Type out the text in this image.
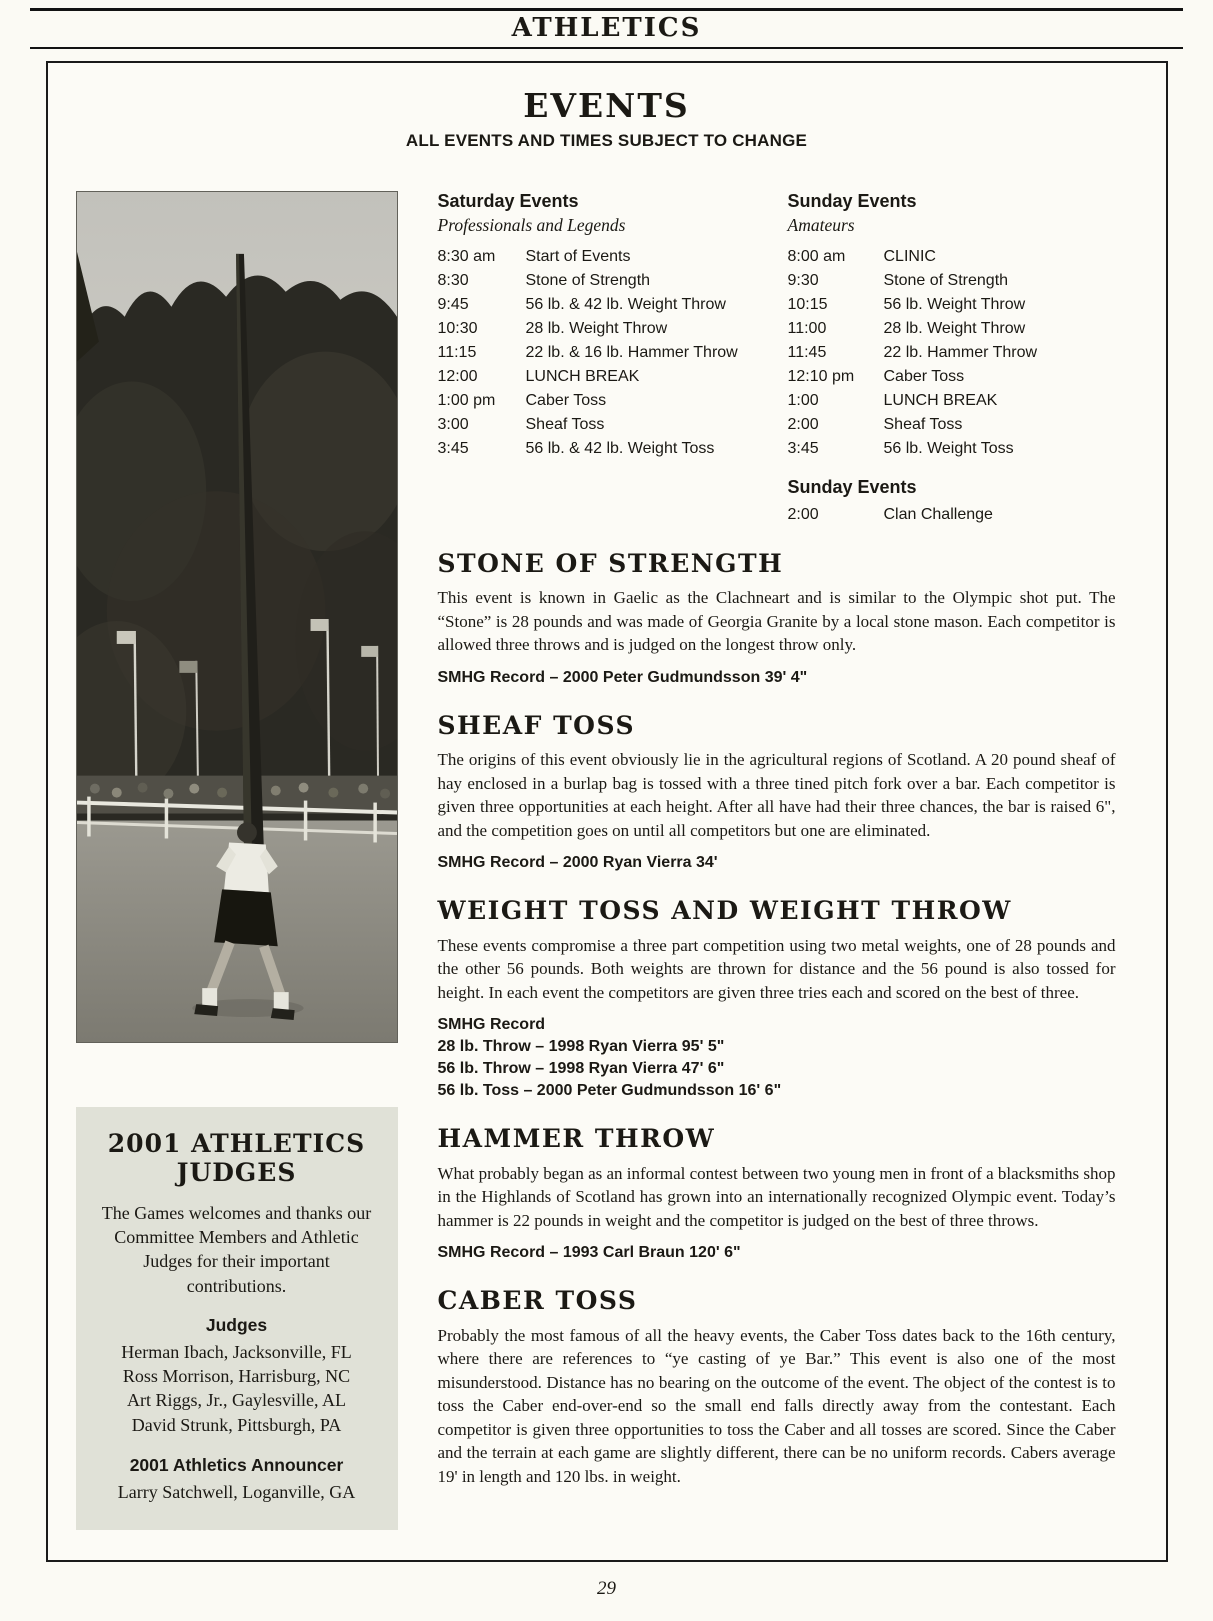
ATHLETICS
EVENTS
ALL EVENTS AND TIMES SUBJECT TO CHANGE
2001 ATHLETICS JUDGES
The Games welcomes and thanks our Committee Members and Athletic Judges for their important contributions.
Judges
Herman Ibach, Jacksonville, FL
Ross Morrison, Harrisburg, NC
Art Riggs, Jr., Gaylesville, AL
David Strunk, Pittsburgh, PA
2001 Athletics Announcer
Larry Satchwell, Loganville, GA
Saturday Events
Professionals and Legends
8:30 am	Start of Events
8:30	Stone of Strength
9:45	56 lb. & 42 lb. Weight Throw
10:30	28 lb. Weight Throw
11:15	22 lb. & 16 lb. Hammer Throw
12:00	LUNCH BREAK
1:00 pm	Caber Toss
3:00	Sheaf Toss
3:45	56 lb. & 42 lb. Weight Toss
Sunday Events
Amateurs
8:00 am	CLINIC
9:30	Stone of Strength
10:15	56 lb. Weight Throw
11:00	28 lb. Weight Throw
11:45	22 lb. Hammer Throw
12:10 pm	Caber Toss
1:00	LUNCH BREAK
2:00	Sheaf Toss
3:45	56 lb. Weight Toss
Sunday Events
2:00	Clan Challenge
STONE OF STRENGTH

This event is known in Gaelic as the Clachneart and is similar to the Olympic shot put. The “Stone” is 28 pounds and was made of Georgia Granite by a local stone mason. Each competitor is allowed three throws and is judged on the longest throw only.

SMHG Record – 2000 Peter Gudmundsson 39' 4"

SHEAF TOSS

The origins of this event obviously lie in the agricultural regions of Scotland. A 20 pound sheaf of hay enclosed in a burlap bag is tossed with a three tined pitch fork over a bar. Each competitor is given three opportunities at each height. After all have had their three chances, the bar is raised 6", and the competition goes on until all competitors but one are eliminated.

SMHG Record – 2000 Ryan Vierra 34'

WEIGHT TOSS AND WEIGHT THROW

These events compromise a three part competition using two metal weights, one of 28 pounds and the other 56 pounds. Both weights are thrown for distance and the 56 pound is also tossed for height. In each event the competitors are given three tries each and scored on the best of three.

SMHG Record

28 lb. Throw – 1998 Ryan Vierra 95' 5"

56 lb. Throw – 1998 Ryan Vierra 47' 6"

56 lb. Toss – 2000 Peter Gudmundsson 16' 6"

HAMMER THROW

What probably began as an informal contest between two young men in front of a blacksmiths shop in the Highlands of Scotland has grown into an internationally recognized Olympic event. Today’s hammer is 22 pounds in weight and the competitor is judged on the best of three throws.

SMHG Record – 1993 Carl Braun 120' 6"

CABER TOSS

Probably the most famous of all the heavy events, the Caber Toss dates back to the 16th century, where there are references to “ye casting of ye Bar.” This event is also one of the most misunderstood. Distance has no bearing on the outcome of the event. The object of the contest is to toss the Caber end-over-end so the small end falls directly away from the contestant. Each competitor is given three opportunities to toss the Caber and all tosses are scored. Since the Caber and the terrain at each game are slightly different, there can be no uniform records. Cabers average 19' in length and 120 lbs. in weight.

29
